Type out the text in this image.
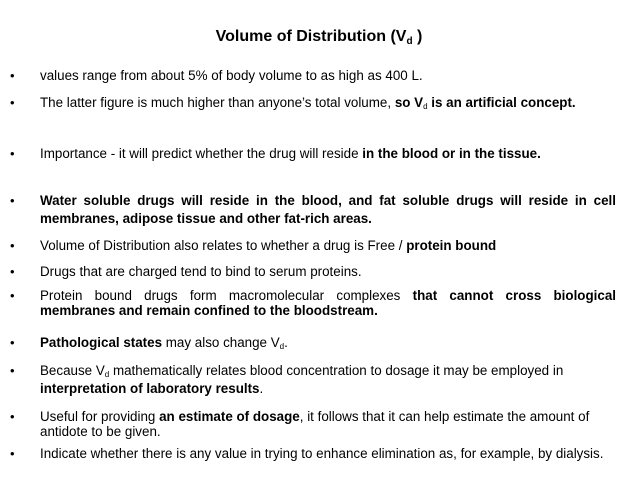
Volume of Distribution ($V_d$ )
•	values range from about 5% of body volume to as high as 400 L.
•	The latter figure is much higher than anyone’s total volume, so $V_d$ is an artificial concept.
•	Importance - it will predict whether the drug will reside in the blood or in the tissue.
•	Water soluble drugs will reside in the blood, and fat soluble drugs will reside in cell membranes, adipose tissue and other fat-rich areas.
•	Volume of Distribution also relates to whether a drug is Free / protein bound
•	Drugs that are charged tend to bind to serum proteins.
•	Protein bound drugs form macromolecular complexes that cannot cross biological membranes and remain confined to the bloodstream.
•	Pathological states may also change $V_d$.
•	Because $V_d$ mathematically relates blood concentration to dosage it may be employed in interpretation of laboratory results.
•	Useful for providing an estimate of dosage, it follows that it can help estimate the amount of antidote to be given.
•	Indicate whether there is any value in trying to enhance elimination as, for example, by dialysis.
